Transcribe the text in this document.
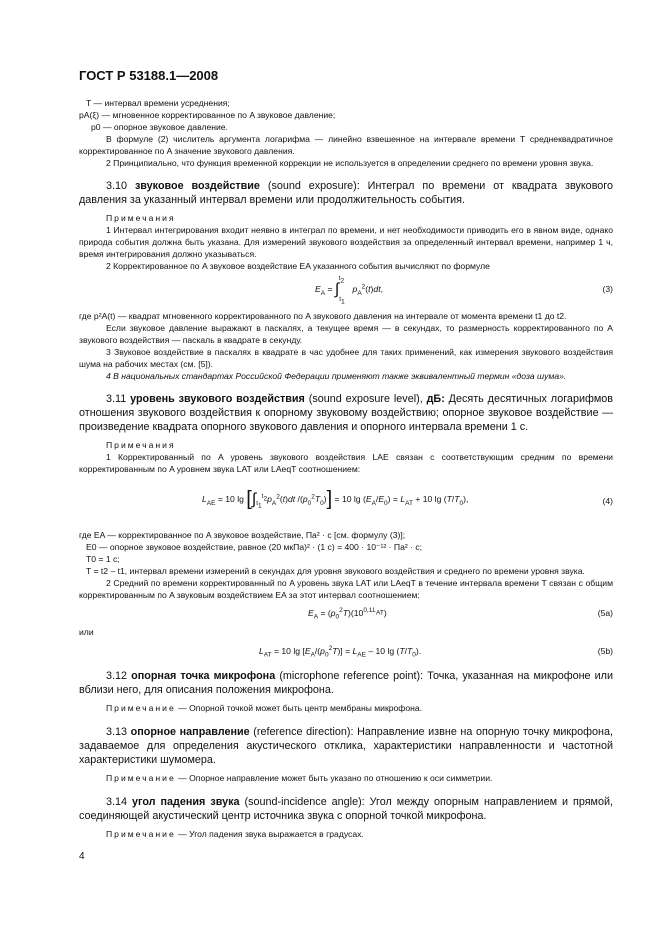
ГОСТ Р 53188.1—2008

T — интервал времени усреднения;

pA(ξ) — мгновенное корректированное по A звуковое давление;

p0 — опорное звуковое давление.

В формуле (2) числитель аргумента логарифма — линейно взвешенное на интервале времени T среднеквадратичное корректированное по A значение звукового давления.

2 Принципиально, что функция временной коррекции не используется в определении среднего по времени уровня звука.

3.10 звуковое воздействие (sound exposure): Интеграл по времени от квадрата звукового давления за указанный интервал времени или продолжительность события.

Примечания

1 Интервал интегрирования входит неявно в интеграл по времени, и нет необходимости приводить его в явном виде, однако природа события должна быть указана. Для измерений звукового воздействия за определенный интервал времени, например 1 ч, время интегрирования должно указываться.

2 Корректированное по A звуковое воздействие EA указанного события вычисляют по формуле

$E_A = \int_{t_1}^{t_2}$ $p_A^2(t)dt$,	(3)

где p²A(t) — квадрат мгновенного корректированного по A звукового давления на интервале от момента времени t1 до t2.

Если звуковое давление выражают в паскалях, а текущее время — в секундах, то размерность корректированного по A звукового воздействия — паскаль в квадрате в секунду.

3 Звуковое воздействие в паскалях в квадрате в час удобнее для таких применений, как измерения звукового воздействия шума на рабочих местах (см. [5]).

4 В национальных стандартах Российской Федерации применяют также эквивалентный термин «доза шума».

3.11 уровень звукового воздействия (sound exposure level), дБ: Десять десятичных логарифмов отношения звукового воздействия к опорному звуковому воздействию; опорное звуковое воздействие — произведение квадрата опорного звукового давления и опорного интервала времени 1 с.

Примечания

1 Корректированный по A уровень звукового воздействия LAE связан с соответствующим средним по времени корректированным по A уровнем звука LAT или LAeqT соотношением:

$L_{AE} = 10$ $\lg [\int_{t_1}^{t_2}p_A^2(t)dt$ $/(p_0^2T_0)] = 10$ $\lg (E_A/E_0) = L_{AT} + 10$ $\lg (T/T_0)$,	(4)

где EA — корректированное по A звуковое воздействие, Па² · с [см. формулу (3)];

E0 — опорное звуковое воздействие, равное (20 мкПа)² · (1 с) = 400 · 10⁻¹² · Па² · с;

T0 = 1 с;

T = t2 – t1, интервал времени измерений в секундах для уровня звукового воздействия и среднего по времени уровня звука.

2 Средний по времени корректированный по A уровень звука LAT или LAeqT в течение интервала времени T связан с общим корректированным по A звуковым воздействием EA за этот интервал соотношением:

$E_A = (p_0^2T)(10^{0,1L_{AT}})$	(5a)

или

$L_{AT} = 10$ $\lg [E_A/(p_0^2T)] = L_{AE} - 10$ $\lg (T/T_0)$.	(5b)

3.12 опорная точка микрофона (microphone reference point): Точка, указанная на микрофоне или вблизи него, для описания положения микрофона.

Примечание — Опорной точкой может быть центр мембраны микрофона.

3.13 опорное направление (reference direction): Направление извне на опорную точку микрофона, задаваемое для определения акустического отклика, характеристики направленности и частотной характеристики шумомера.

Примечание — Опорное направление может быть указано по отношению к оси симметрии.

3.14 угол падения звука (sound-incidence angle): Угол между опорным направлением и прямой, соединяющей акустический центр источника звука с опорной точкой микрофона.

Примечание — Угол падения звука выражается в градусах.

4
